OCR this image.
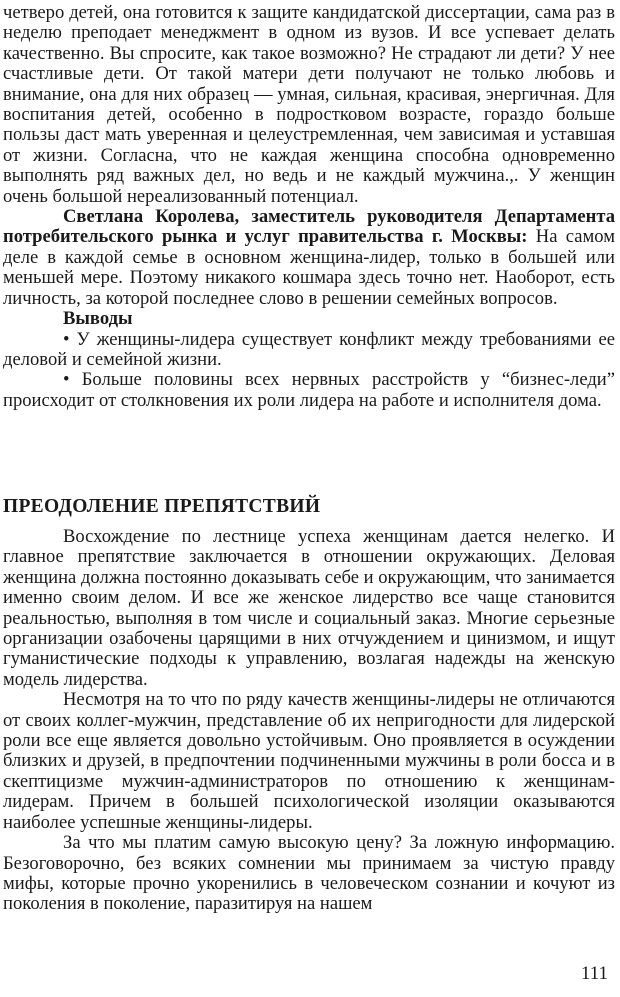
четверо детей, она готовится к защите кандидатской диссертации, сама раз в неделю преподает менеджмент в одном из вузов. И все успевает делать качественно. Вы спросите, как такое возможно? Не страдают ли дети? У нее счастливые дети. От такой матери дети получают не только любовь и внимание, она для них образец — умная, сильная, красивая, энергичная. Для воспитания детей, особенно в подростковом возрасте, гораздо больше пользы даст мать уверенная и целеустремленная, чем зависимая и уставшая от жизни. Согласна, что не каждая женщина способна одновременно выполнять ряд важных дел, но ведь и не каждый мужчина.,. У женщин очень большой нереализованный потенциал.

Светлана Королева, заместитель руководителя Департамента потребительского рынка и услуг правительства г. Москвы: На самом деле в каждой семье в основном женщина-лидер, только в большей или меньшей мере. Поэтому никакого кошмара здесь точно нет. Наоборот, есть личность, за которой последнее слово в решении семейных вопросов.

Выводы

• У женщины-лидера существует конфликт между требованиями ее деловой и семейной жизни.

• Больше половины всех нервных расстройств у “бизнес-леди” происходит от столкновения их роли лидера на работе и исполнителя дома.

ПРЕОДОЛЕНИЕ ПРЕПЯТСТВИЙ

Восхождение по лестнице успеха женщинам дается нелегко. И главное препятствие заключается в отношении окружающих. Деловая женщина должна постоянно доказывать себе и окружающим, что занимается именно своим делом. И все же женское лидерство все чаще становится реальностью, выполняя в том числе и социальный заказ. Многие серьезные организации озабочены царящими в них отчуждением и цинизмом, и ищут гуманистические подходы к управлению, возлагая надежды на женскую модель лидерства.

Несмотря на то что по ряду качеств женщины-лидеры не отличаются от своих коллег-мужчин, представление об их непригодности для лидерской роли все еще является довольно устойчивым. Оно проявляется в осуждении близких и друзей, в предпочтении подчиненными мужчины в роли босса и в скептицизме мужчин-администраторов по отношению к женщинам-лидерам. Причем в большей психологической изоляции оказываются наиболее успешные женщины-лидеры.

За что мы платим самую высокую цену? За ложную информацию. Безоговорочно, без всяких сомнении мы принимаем за чистую правду мифы, которые прочно укоренились в человеческом сознании и кочуют из поколения в поколение, паразитируя на нашем

111
